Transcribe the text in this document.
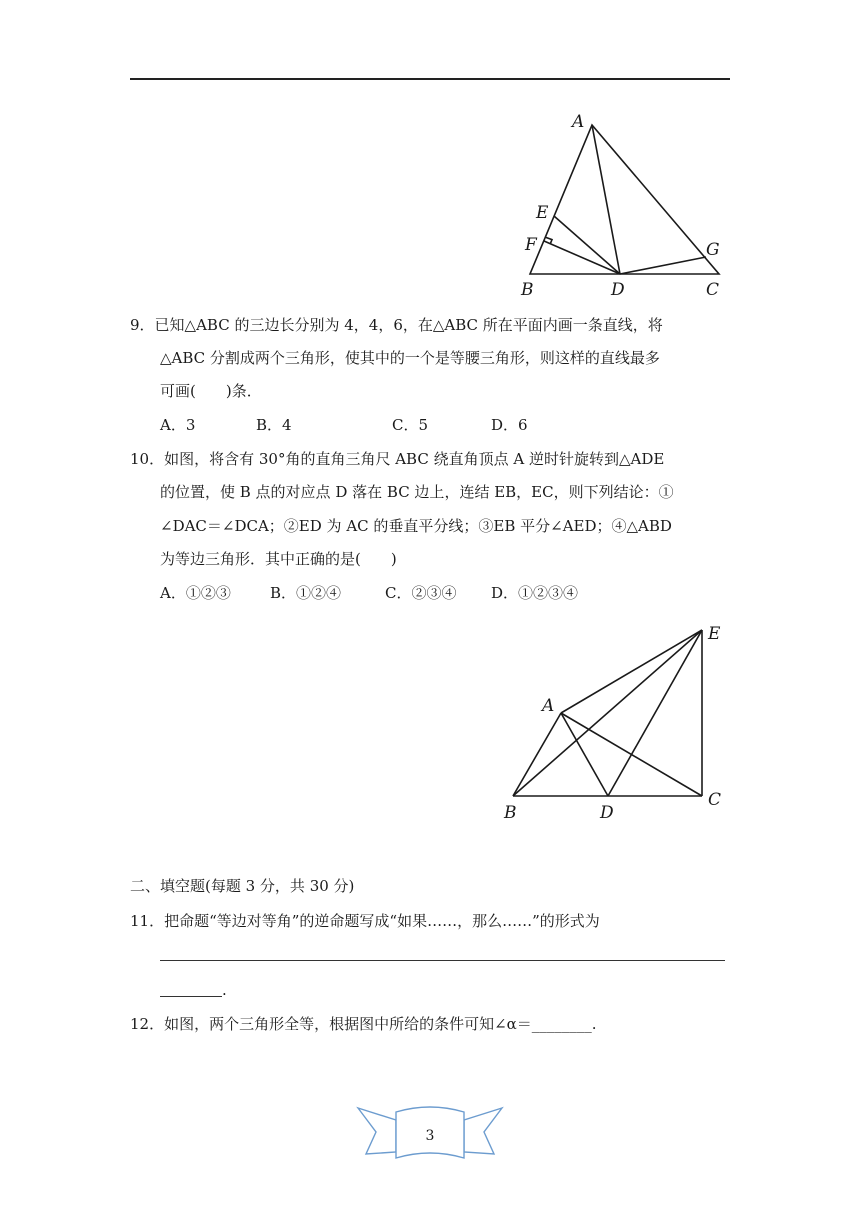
A
E
F	G
B	D	C
9．已知△ABC 的三边长分别为 4，4，6，在△ABC 所在平面内画一条直线，将
△ABC 分割成两个三角形，使其中的一个是等腰三角形，则这样的直线最多
可画(　　)条．
A．3	B．4	C．5	D．6
10．如图，将含有 30°角的直角三角尺 ABC 绕直角顶点 A 逆时针旋转到△ADE
的位置，使 B 点的对应点 D 落在 BC 边上，连结 EB，EC，则下列结论：①
∠DAC＝∠DCA；②ED 为 AC 的垂直平分线；③EB 平分∠AED；④△ABD
为等边三角形．其中正确的是(　　)
A．①②③	B．①②④	C．②③④ D．①②③④
E
A
B	D
C
二、填空题(每题 3 分，共 30 分)
11．把命题“等边对等角”的逆命题写成“如果……，那么……”的形式为
.
12．如图，两个三角形全等，根据图中所给的条件可知∠α＝________.
3
